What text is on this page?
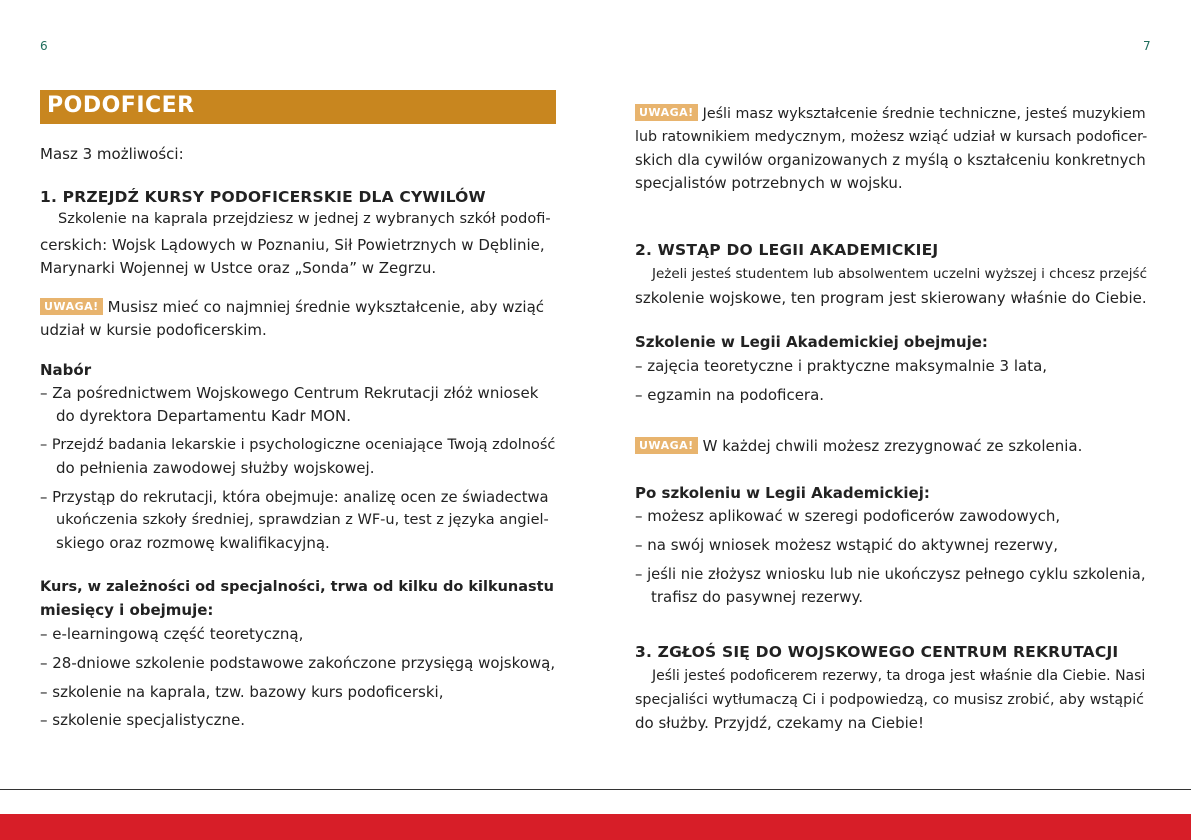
6	7
PODOFICER
Masz 3 możliwości:
1. PRZEJDŹ KURSY PODOFICERSKIE DLA CYWILÓW
Szkolenie na kaprala przejdziesz w jednej z wybranych szkół podofi-
cerskich: Wojsk Lądowych w Poznaniu, Sił Powietrznych w Dęblinie,
Marynarki Wojennej w Ustce oraz „Sonda” w Zegrzu.
UWAGA! Musisz mieć co najmniej średnie wykształcenie, aby wziąć
udział w kursie podoficerskim.
Nabór
– Za pośrednictwem Wojskowego Centrum Rekrutacji złóż wniosek
do dyrektora Departamentu Kadr MON.
– Przejdź badania lekarskie i psychologiczne oceniające Twoją zdolność
do pełnienia zawodowej służby wojskowej.
– Przystąp do rekrutacji, która obejmuje: analizę ocen ze świadectwa
ukończenia szkoły średniej, sprawdzian z WF-u, test z języka angiel-
skiego oraz rozmowę kwalifikacyjną.
Kurs, w zależności od specjalności, trwa od kilku do kilkunastu
miesięcy i obejmuje:
– e-learningową część teoretyczną,
– 28-dniowe szkolenie podstawowe zakończone przysięgą wojskową,
– szkolenie na kaprala, tzw. bazowy kurs podoficerski,
– szkolenie specjalistyczne.
UWAGA! Jeśli masz wykształcenie średnie techniczne, jesteś muzykiem
lub ratownikiem medycznym, możesz wziąć udział w kursach podoficer-
skich dla cywilów organizowanych z myślą o kształceniu konkretnych
specjalistów potrzebnych w wojsku.
2. WSTĄP DO LEGII AKADEMICKIEJ
Jeżeli jesteś studentem lub absolwentem uczelni wyższej i chcesz przejść
szkolenie wojskowe, ten program jest skierowany właśnie do Ciebie.
Szkolenie w Legii Akademickiej obejmuje:
– zajęcia teoretyczne i praktyczne maksymalnie 3 lata,
– egzamin na podoficera.
UWAGA! W każdej chwili możesz zrezygnować ze szkolenia.
Po szkoleniu w Legii Akademickiej:
– możesz aplikować w szeregi podoficerów zawodowych,
– na swój wniosek możesz wstąpić do aktywnej rezerwy,
– jeśli nie złożysz wniosku lub nie ukończysz pełnego cyklu szkolenia,
trafisz do pasywnej rezerwy.
3. ZGŁOŚ SIĘ DO WOJSKOWEGO CENTRUM REKRUTACJI
Jeśli jesteś podoficerem rezerwy, ta droga jest właśnie dla Ciebie. Nasi
specjaliści wytłumaczą Ci i podpowiedzą, co musisz zrobić, aby wstąpić
do służby. Przyjdź, czekamy na Ciebie!
